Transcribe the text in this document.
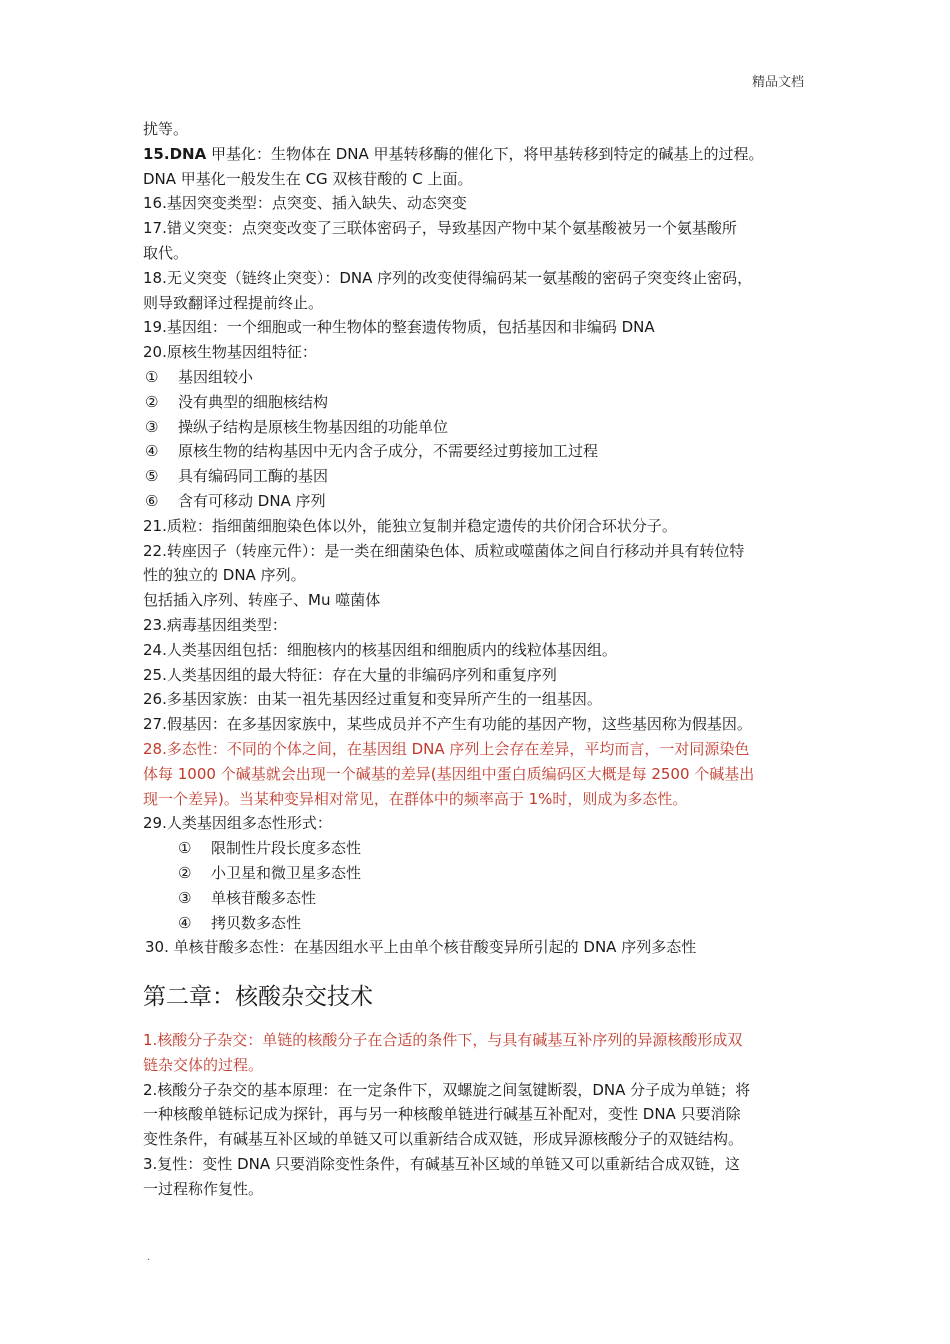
精品文档
扰等。
15.DNA 甲基化：生物体在 DNA 甲基转移酶的催化下，将甲基转移到特定的碱基上的过程。
DNA 甲基化一般发生在 CG 双核苷酸的 C 上面。
16.基因突变类型：点突变、插入缺失、动态突变
17.错义突变：点突变改变了三联体密码子，导致基因产物中某个氨基酸被另一个氨基酸所
取代。
18.无义突变（链终止突变）：DNA 序列的改变使得编码某一氨基酸的密码子突变终止密码，
则导致翻译过程提前终止。
19.基因组：一个细胞或一种生物体的整套遗传物质，包括基因和非编码 DNA
20.原核生物基因组特征：
① 基因组较小
② 没有典型的细胞核结构
③ 操纵子结构是原核生物基因组的功能单位
④ 原核生物的结构基因中无内含子成分，不需要经过剪接加工过程
⑤ 具有编码同工酶的基因
⑥ 含有可移动 DNA 序列
21.质粒：指细菌细胞染色体以外，能独立复制并稳定遗传的共价闭合环状分子。
22.转座因子（转座元件）：是一类在细菌染色体、质粒或噬菌体之间自行移动并具有转位特
性的独立的 DNA 序列。
包括插入序列、转座子、Mu 噬菌体
23.病毒基因组类型：
24.人类基因组包括：细胞核内的核基因组和细胞质内的线粒体基因组。
25.人类基因组的最大特征：存在大量的非编码序列和重复序列
26.多基因家族：由某一祖先基因经过重复和变异所产生的一组基因。
27.假基因：在多基因家族中，某些成员并不产生有功能的基因产物，这些基因称为假基因。
28.多态性：不同的个体之间，在基因组 DNA 序列上会存在差异，平均而言，一对同源染色
体每 1000 个碱基就会出现一个碱基的差异(基因组中蛋白质编码区大概是每 2500 个碱基出
现一个差异)。当某种变异相对常见，在群体中的频率高于 1%时，则成为多态性。
29.人类基因组多态性形式：
① 限制性片段长度多态性
② 小卫星和微卫星多态性
③ 单核苷酸多态性
④ 拷贝数多态性
30. 单核苷酸多态性：在基因组水平上由单个核苷酸变异所引起的 DNA 序列多态性
第二章：核酸杂交技术
1.核酸分子杂交：单链的核酸分子在合适的条件下，与具有碱基互补序列的异源核酸形成双
链杂交体的过程。
2.核酸分子杂交的基本原理：在一定条件下，双螺旋之间氢键断裂，DNA 分子成为单链；将
一种核酸单链标记成为探针，再与另一种核酸单链进行碱基互补配对，变性 DNA 只要消除
变性条件，有碱基互补区域的单链又可以重新结合成双链，形成异源核酸分子的双链结构。
3.复性：变性 DNA 只要消除变性条件，有碱基互补区域的单链又可以重新结合成双链，这
一过程称作复性。
.
